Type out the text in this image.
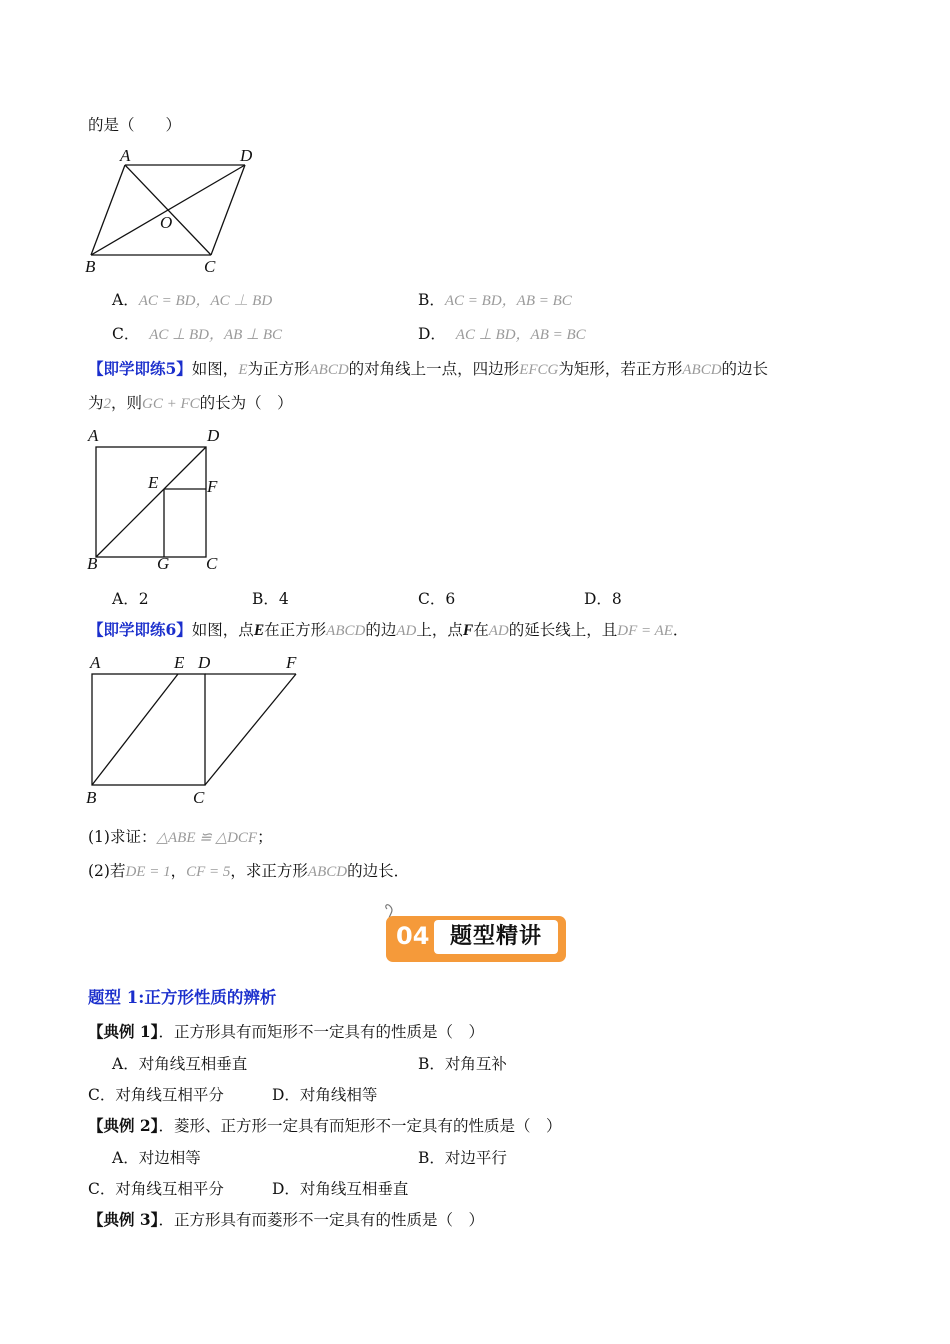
的是（　　）
A	D
O
B	C
A．AC = BD，AC ⊥ BD	B．AC = BD，AB = BC
C． AC ⊥ BD，AB ⊥ BC	D． AC ⊥ BD，AB = BC
【即学即练5】如图，E为正方形ABCD的对角线上一点，四边形EFCG为矩形，若正方形ABCD的边长
为2，则GC + FC的长为（　）
A	D
E	F
B	G C
A．2	B．4	C．6	D．8
【即学即练6】如图，点E在正方形ABCD的边AD上，点F在AD的延长线上，且DF = AE．
A	E D	F
B	C
(1)求证：△ABE ≌ △DCF；
(2)若DE = 1，CF = 5，求正方形ABCD的边长．
04 题型精讲
题型 1:正方形性质的辨析
【典例 1】．正方形具有而矩形不一定具有的性质是（　）
A．对角线互相垂直	B．对角互补
C．对角线互相平分	D．对角线相等
【典例 2】．菱形、正方形一定具有而矩形不一定具有的性质是（　）
A．对边相等	B．对边平行
C．对角线互相平分	D．对角线互相垂直
【典例 3】．正方形具有而菱形不一定具有的性质是（　）
